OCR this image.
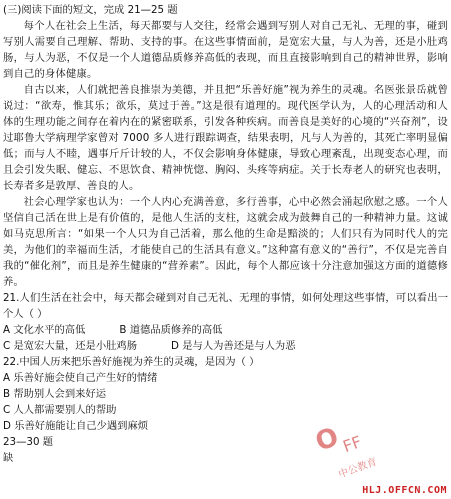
(三)阅读下面的短文，完成 21—25 题

每个人在社会上生活，每天都要与人交往，经常会遇到写别人对自己无礼、无理的事，碰到写别人需要自己理解、帮助、支持的事。在这些事情面前，是宽宏大量，与人为善，还是小肚鸡肠，与人为恶，不仅是一个人道德品质修养高低的表现，而且直接影响到自己的精神世界，影响到自己的身体健康。

自古以来，人们就把善良推崇为美德，并且把“乐善好施”视为养生的灵魂。名医张景岳就曾说过：“欲寿，惟其乐；欲乐，莫过于善。”这是很有道理的。现代医学认为，人的心理活动和人体的生理功能之间存在着内在的紧密联系，引发各种疾病。而善良是美好的心境的“兴奋剂”，设过耶鲁大学病理学家曾对 7000 多人进行跟踪调查，结果表明，凡与人为善的，其死亡率明显偏低；而与人不睦，遇事斤斤计较的人，不仅会影响身体健康，导致心理紊乱，出现变态心理，而且会引发失眠、健忘、不思饮食、精神恍惚、胸闷、头疼等病症。关于长寿老人的研究也表明，长寿者多是敦厚、善良的人。

社会心理学家也认为：一个人内心充满善意，多行善事，心中必然会涌起欣慰之感。一个人坚信自己活在世上是有价值的，是他人生活的支柱，这就会成为鼓舞自己的一种精神力量。这诚如马克思所言：“如果一个人只为自己活着，那么他的生命是黯淡的；人们只有为同时代人的完美，为他们的幸福而生活，才能使自己的生活具有意义。”这种富有意义的“善行”，不仅是完善自我的“催化剂”，而且是养生健康的“营养素”。因此，每个人都应该十分注意加强这方面的道德修养。

21.人们生活在社会中，每天都会碰到对自己无礼、无理的事情，如何处理这些事情，可以看出一个人（ ）

A 文化水平的高低	B 道德品质修养的高低
C 是宽宏大量，还是小肚鸡肠	D 是与人为善还是与人为恶

22.中国人历来把乐善好施视为养生的灵魂，是因为（ ）

A 乐善好施会使自己产生好的情绪

B 帮助别人会到来好运

C 人人都需要别人的帮助

D 乐善好施能让自己少遇到麻烦

23—30 题

缺

O
FF
中公教育
HLJ.OFFCN.COM
